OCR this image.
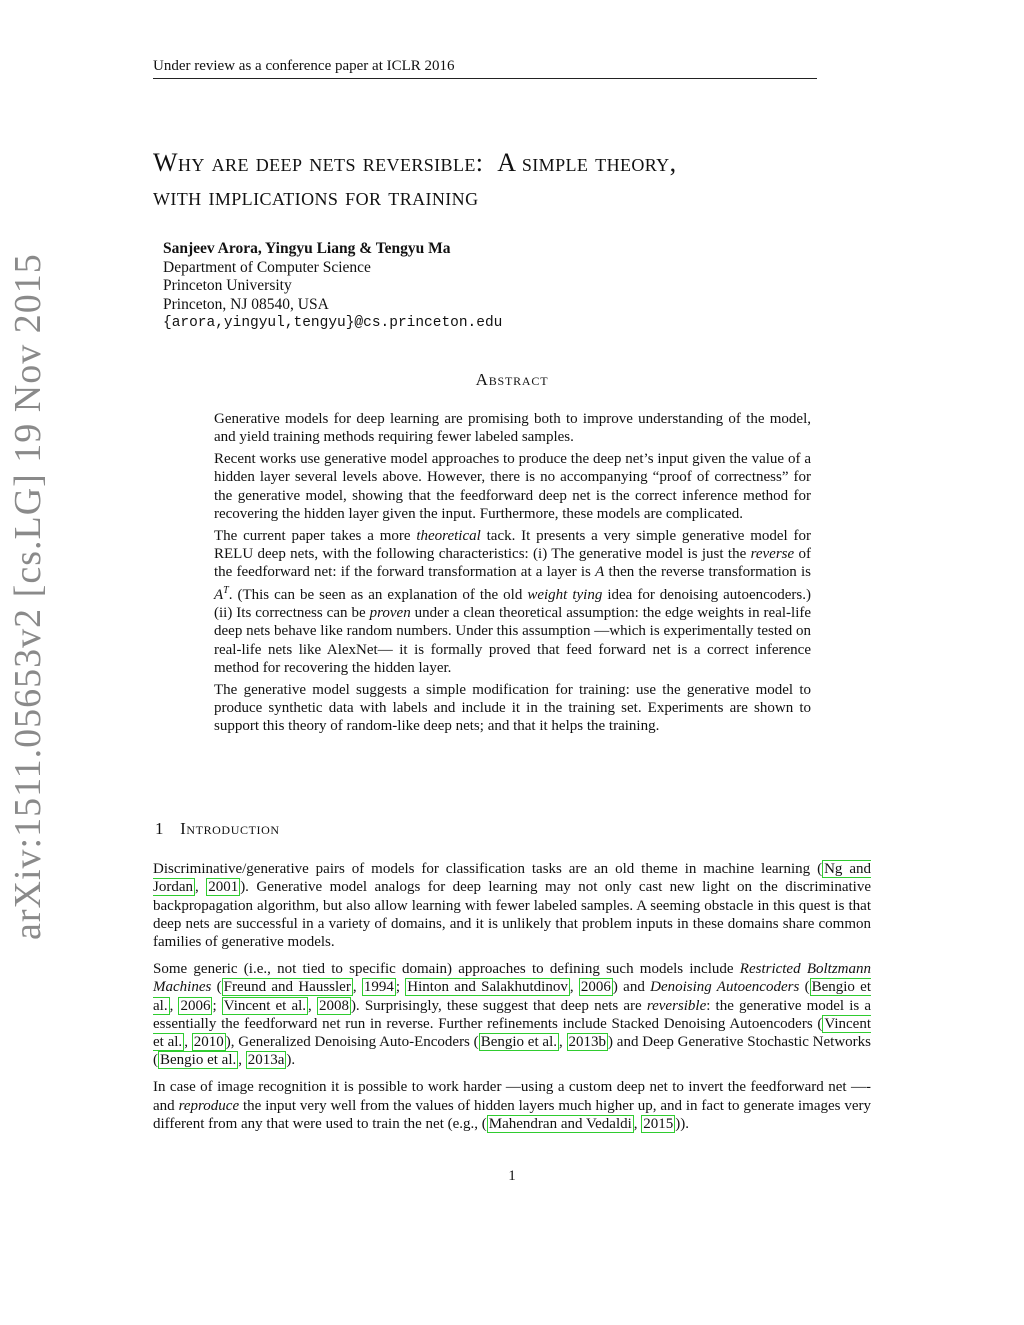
Under review as a conference paper at ICLR 2016
Why are deep nets reversible: A simple theory,
with implications for training
Sanjeev Arora, Yingyu Liang & Tengyu Ma
Department of Computer Science
Princeton University
Princeton, NJ 08540, USA
{arora,yingyul,tengyu}@cs.princeton.edu
arXiv:1511.05653v2 [cs.LG] 19 Nov 2015	Abstract

Generative models for deep learning are promising both to improve understanding of the model, and yield training methods requiring fewer labeled samples.

Recent works use generative model approaches to produce the deep net’s input given the value of a hidden layer several levels above. However, there is no accompanying “proof of correctness” for the generative model, showing that the feedforward deep net is the correct inference method for recovering the hidden layer given the input. Furthermore, these models are complicated.

The current paper takes a more theoretical tack. It presents a very simple generative model for RELU deep nets, with the following characteristics: (i) The generative model is just the reverse of the feedforward net: if the forward transformation at a layer is A then the reverse transformation is $A^T$. (This can be seen as an explanation of the old weight tying idea for denoising autoencoders.) (ii) Its correctness can be proven under a clean theoretical assumption: the edge weights in real-life deep nets behave like random numbers. Under this assumption —which is experimentally tested on real-life nets like AlexNet— it is formally proved that feed forward net is a correct inference method for recovering the hidden layer.

The generative model suggests a simple modification for training: use the generative model to produce synthetic data with labels and include it in the training set. Experiments are shown to support this theory of random-like deep nets; and that it helps the training.

1 Introduction

Discriminative/generative pairs of models for classification tasks are an old theme in machine learning ( Ng and Jordan , 2001 ). Generative model analogs for deep learning may not only cast new light on the discriminative backpropagation algorithm, but also allow learning with fewer labeled samples. A seeming obstacle in this quest is that deep nets are successful in a variety of domains, and it is unlikely that problem inputs in these domains share common families of generative models.

Some generic (i.e., not tied to specific domain) approaches to defining such models include Restricted Boltzmann Machines ( Freund and Haussler , 1994 ; Hinton and Salakhutdinov , 2006 ) and Denoising Autoencoders ( Bengio et al. , 2006 ; Vincent et al. , 2008 ). Surprisingly, these suggest that deep nets are reversible: the generative model is a essentially the feedforward net run in reverse. Further refinements include Stacked Denoising Autoencoders ( Vincent et al. , 2010 ), Generalized Denoising Auto-Encoders ( Bengio et al. , 2013b ) and Deep Generative Stochastic Networks ( Bengio et al. , 2013a ).

In case of image recognition it is possible to work harder —using a custom deep net to invert the feedforward net —-and reproduce the input very well from the values of hidden layers much higher up, and in fact to generate images very different from any that were used to train the net (e.g., ( Mahendran and Vedaldi , 2015 )).

1
